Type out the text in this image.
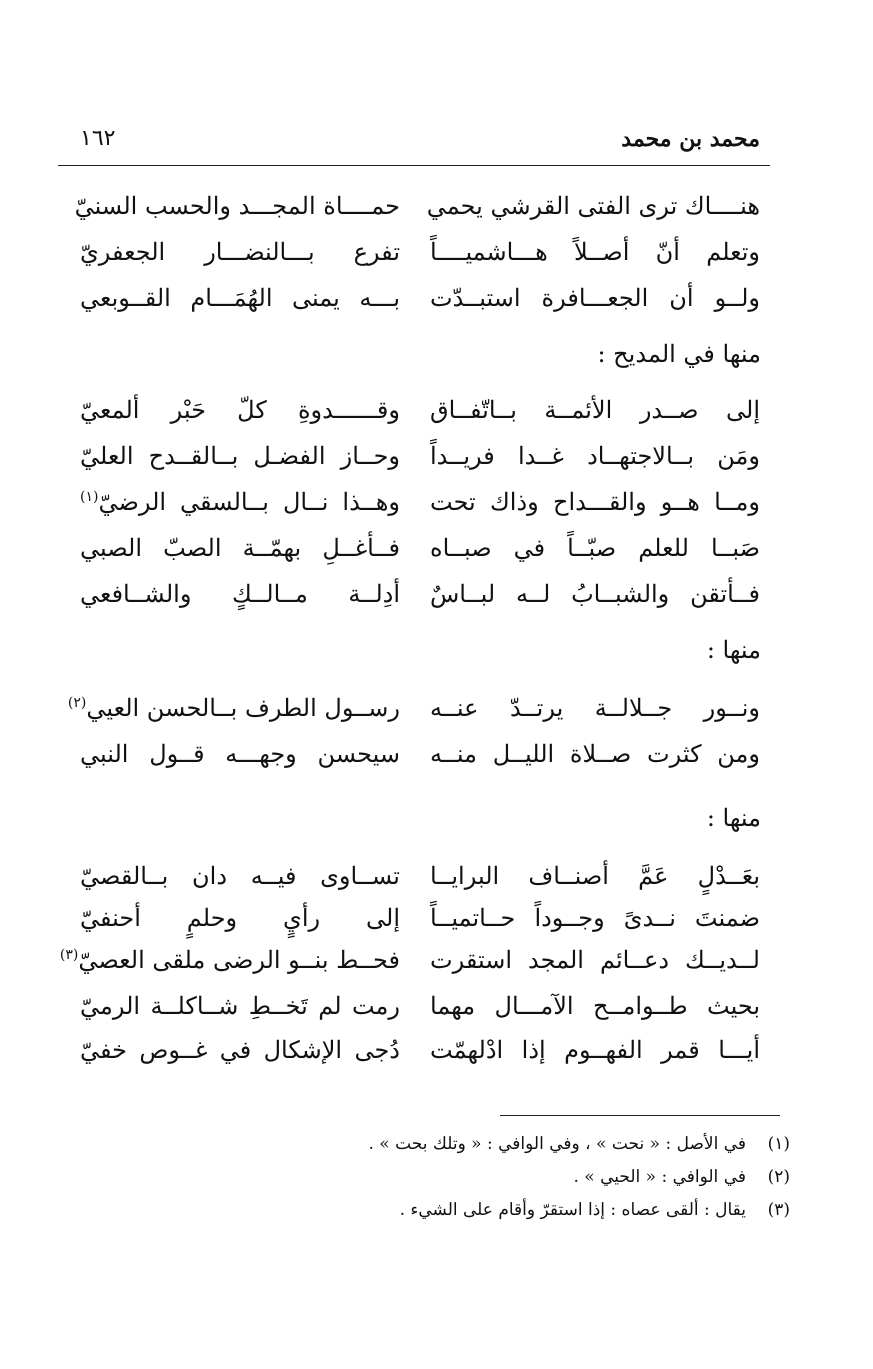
محمد بن محمد
١٦٢
هنــــاك ترى الفتى القرشي يحمي
حمــــاة المجـــد والحسب السنيّ
وتعلم أنّ أصــلاً هـــاشميــــاً
تفرع بـــالنضـــار الجعفريّ
ولــو أن الجعـــافرة استبــدّت
بـــه يمنى الهُمَـــام القــوبعي
منها في المديح :
إلى صــدر الأئمــة بــاتّفــاق
وقــــــدوةِ كلّ حَبْر ألمعيّ
ومَن بــالاجتهــاد غــدا فريــداً
وحــاز الفضـل بــالقــدح العليّ
ومــا هــو والقـــداح وذاك تحت
وهــذا نــال بــالسقي الرضيّ$^{(١)}$
صَبــا للعلم صبّــاً في صبــاه
فــأغــلِ بهمّــة الصبّ الصبي
فــأتقن والشبــابُ لــه لبــاسٌ
أدِلــة مــالــكٍ والشــافعي
منها :
ونــور جــلالــة يرتــدّ عنــه
رســول الطرف بــالحسن العيي$^{(٢)}$
ومن كثرت صــلاة الليــل منــه
سيحسن وجهـــه قــول النبي
منها :
بعَــدْلٍ عَمَّ أصنــاف البرايــا
تســاوى فيــه دان بــالقصيّ
ضمنتَ نــدىً وجــوداً حــاتميــاً
إلى رأيٍ وحلمٍ أحنفيّ
لــديــك دعــائم المجد استقرت
فحــط بنــو الرضى ملقى العصيّ$^{(٣)}$
بحيث طــوامــح الآمـــال مهما
رمت لم تَخــطِ شــاكلــة الرميّ
أيـــا قمر الفهــوم إذا ادْلهمّت
دُجى الإشكال في غــوص خفيّ
(١)في الأصل : « نحت » ، وفي الوافي : « وتلك بحت » .
(٢)في الوافي : « الحيي » .
(٣)يقال : ألقى عصاه : إذا استقرّ وأقام على الشيء .
